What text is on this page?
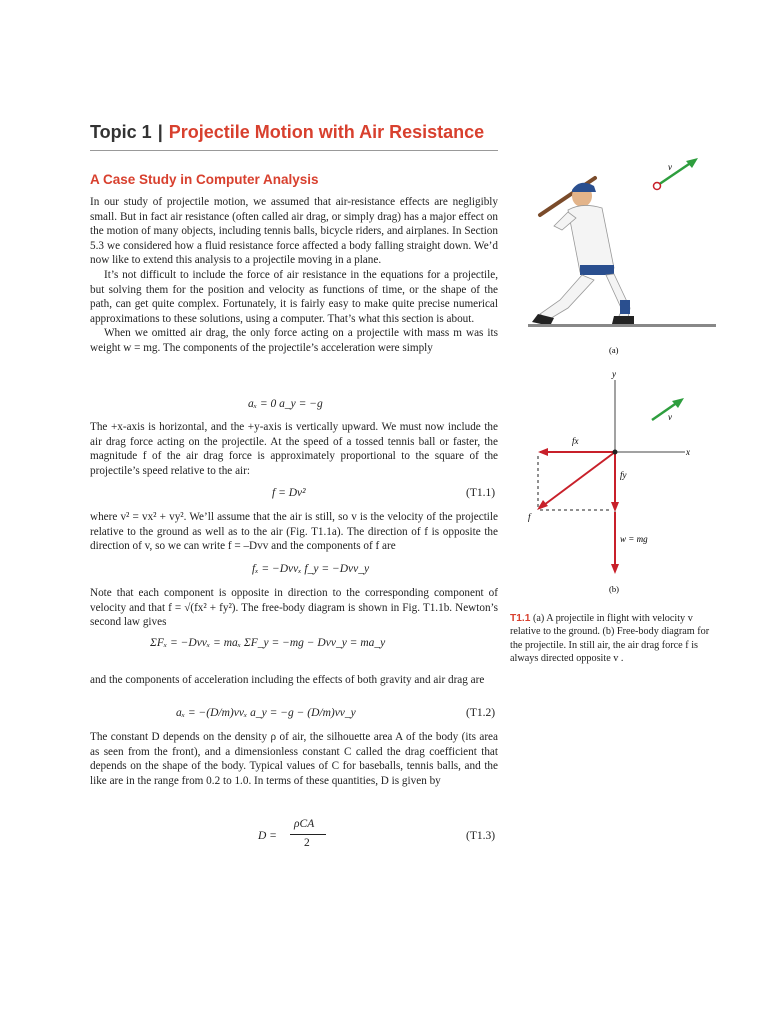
Topic 1 | Projectile Motion with Air Resistance
A Case Study in Computer Analysis

In our study of projectile motion, we assumed that air-resistance effects are negligibly small. But in fact air resistance (often called air drag, or simply drag) has a major effect on the motion of many objects, including tennis balls, bicycle riders, and airplanes. In Section 5.3 we considered how a fluid resistance force affected a body falling straight down. We’d now like to extend this analysis to a projectile moving in a plane.

It’s not difficult to include the force of air resistance in the equations for a projectile, but solving them for the position and velocity as functions of time, or the shape of the path, can get quite complex. Fortunately, it is fairly easy to make quite precise numerical approximations to these solutions, using a computer. That’s what this section is about.

When we omitted air drag, the only force acting on a projectile with mass m was its weight w = mg. The components of the projectile’s acceleration were simply

aₓ = 0 a_y = −g
The +x-axis is horizontal, and the +y-axis is vertically upward. We must now include the air drag force acting on the projectile. At the speed of a tossed tennis ball or faster, the magnitude f of the air drag force is approximately proportional to the square of the projectile’s speed relative to the air:
f = Dv²	(T1.1)
where v² = vx² + vy². We’ll assume that the air is still, so v is the velocity of the projectile relative to the ground as well as to the air (Fig. T1.1a). The direction of f is opposite the direction of v, so we can write f = –Dvv and the components of f are
fₓ = −Dvvₓ f_y = −Dvv_y
Note that each component is opposite in direction to the corresponding component of velocity and that f = √(fx² + fy²). The free-body diagram is shown in Fig. T1.1b. Newton’s second law gives
ΣFₓ = −Dvvₓ = maₓ ΣF_y = −mg − Dvv_y = ma_y
and the components of acceleration including the effects of both gravity and air drag are
aₓ = −(D/m)vvₓ a_y = −g − (D/m)vv_y	(T1.2)
The constant D depends on the density ρ of air, the silhouette area A of the body (its area as seen from the front), and a dimensionless constant C called the drag coefficient that depends on the shape of the body. Typical values of C for baseballs, tennis balls, and the like are in the range from 0.2 to 1.0. In terms of these quantities, D is given by
D =
ρCA
2
(T1.3)
v
(a)
y
x
v
fx
fy
f
w = mg
(b)
T1.1 (a) A projectile in flight with velocity v relative to the ground. (b) Free-body diagram for the projectile. In still air, the air drag force f is always directed opposite v .
